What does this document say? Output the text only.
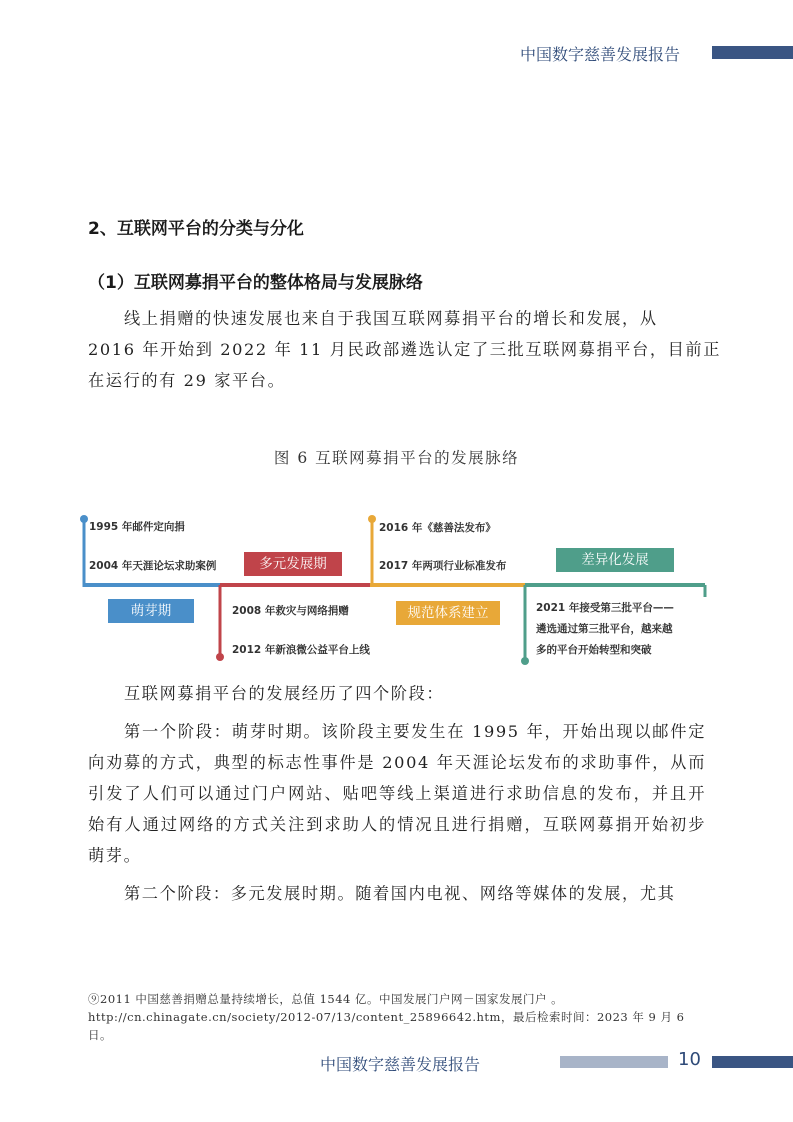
中国数字慈善发展报告
2、互联网平台的分类与分化
（1）互联网募捐平台的整体格局与发展脉络
线上捐赠的快速发展也来自于我国互联网募捐平台的增长和发展，从
2016 年开始到 2022 年 11 月民政部遴选认定了三批互联网募捐平台，目前正
在运行的有 29 家平台。
图 6 互联网募捐平台的发展脉络
萌芽期
多元发展期
规范体系建立
差异化发展
1995 年邮件定向捐
2004 年天涯论坛求助案例
2008 年救灾与网络捐赠
2012 年新浪微公益平台上线
2016 年《慈善法发布》
2017 年两项行业标准发布
2021 年接受第三批平台——
遴选通过第三批平台，越来越
多的平台开始转型和突破
互联网募捐平台的发展经历了四个阶段：
第一个阶段：萌芽时期。该阶段主要发生在 1995 年，开始出现以邮件定向劝募的方式，典型的标志性事件是 2004 年天涯论坛发布的求助事件，从而引发了人们可以通过门户网站、贴吧等线上渠道进行求助信息的发布，并且开始有人通过网络的方式关注到求助人的情况且进行捐赠，互联网募捐开始初步萌芽。
第二个阶段：多元发展时期。随着国内电视、网络等媒体的发展，尤其
⑨2011 中国慈善捐赠总量持续增长，总值 1544 亿。中国发展门户网－国家发展门户 。 http://cn.chinagate.cn/society/2012-07/13/content_25896642.htm，最后检索时间：2023 年 9 月 6 日。
中国数字慈善发展报告	10
